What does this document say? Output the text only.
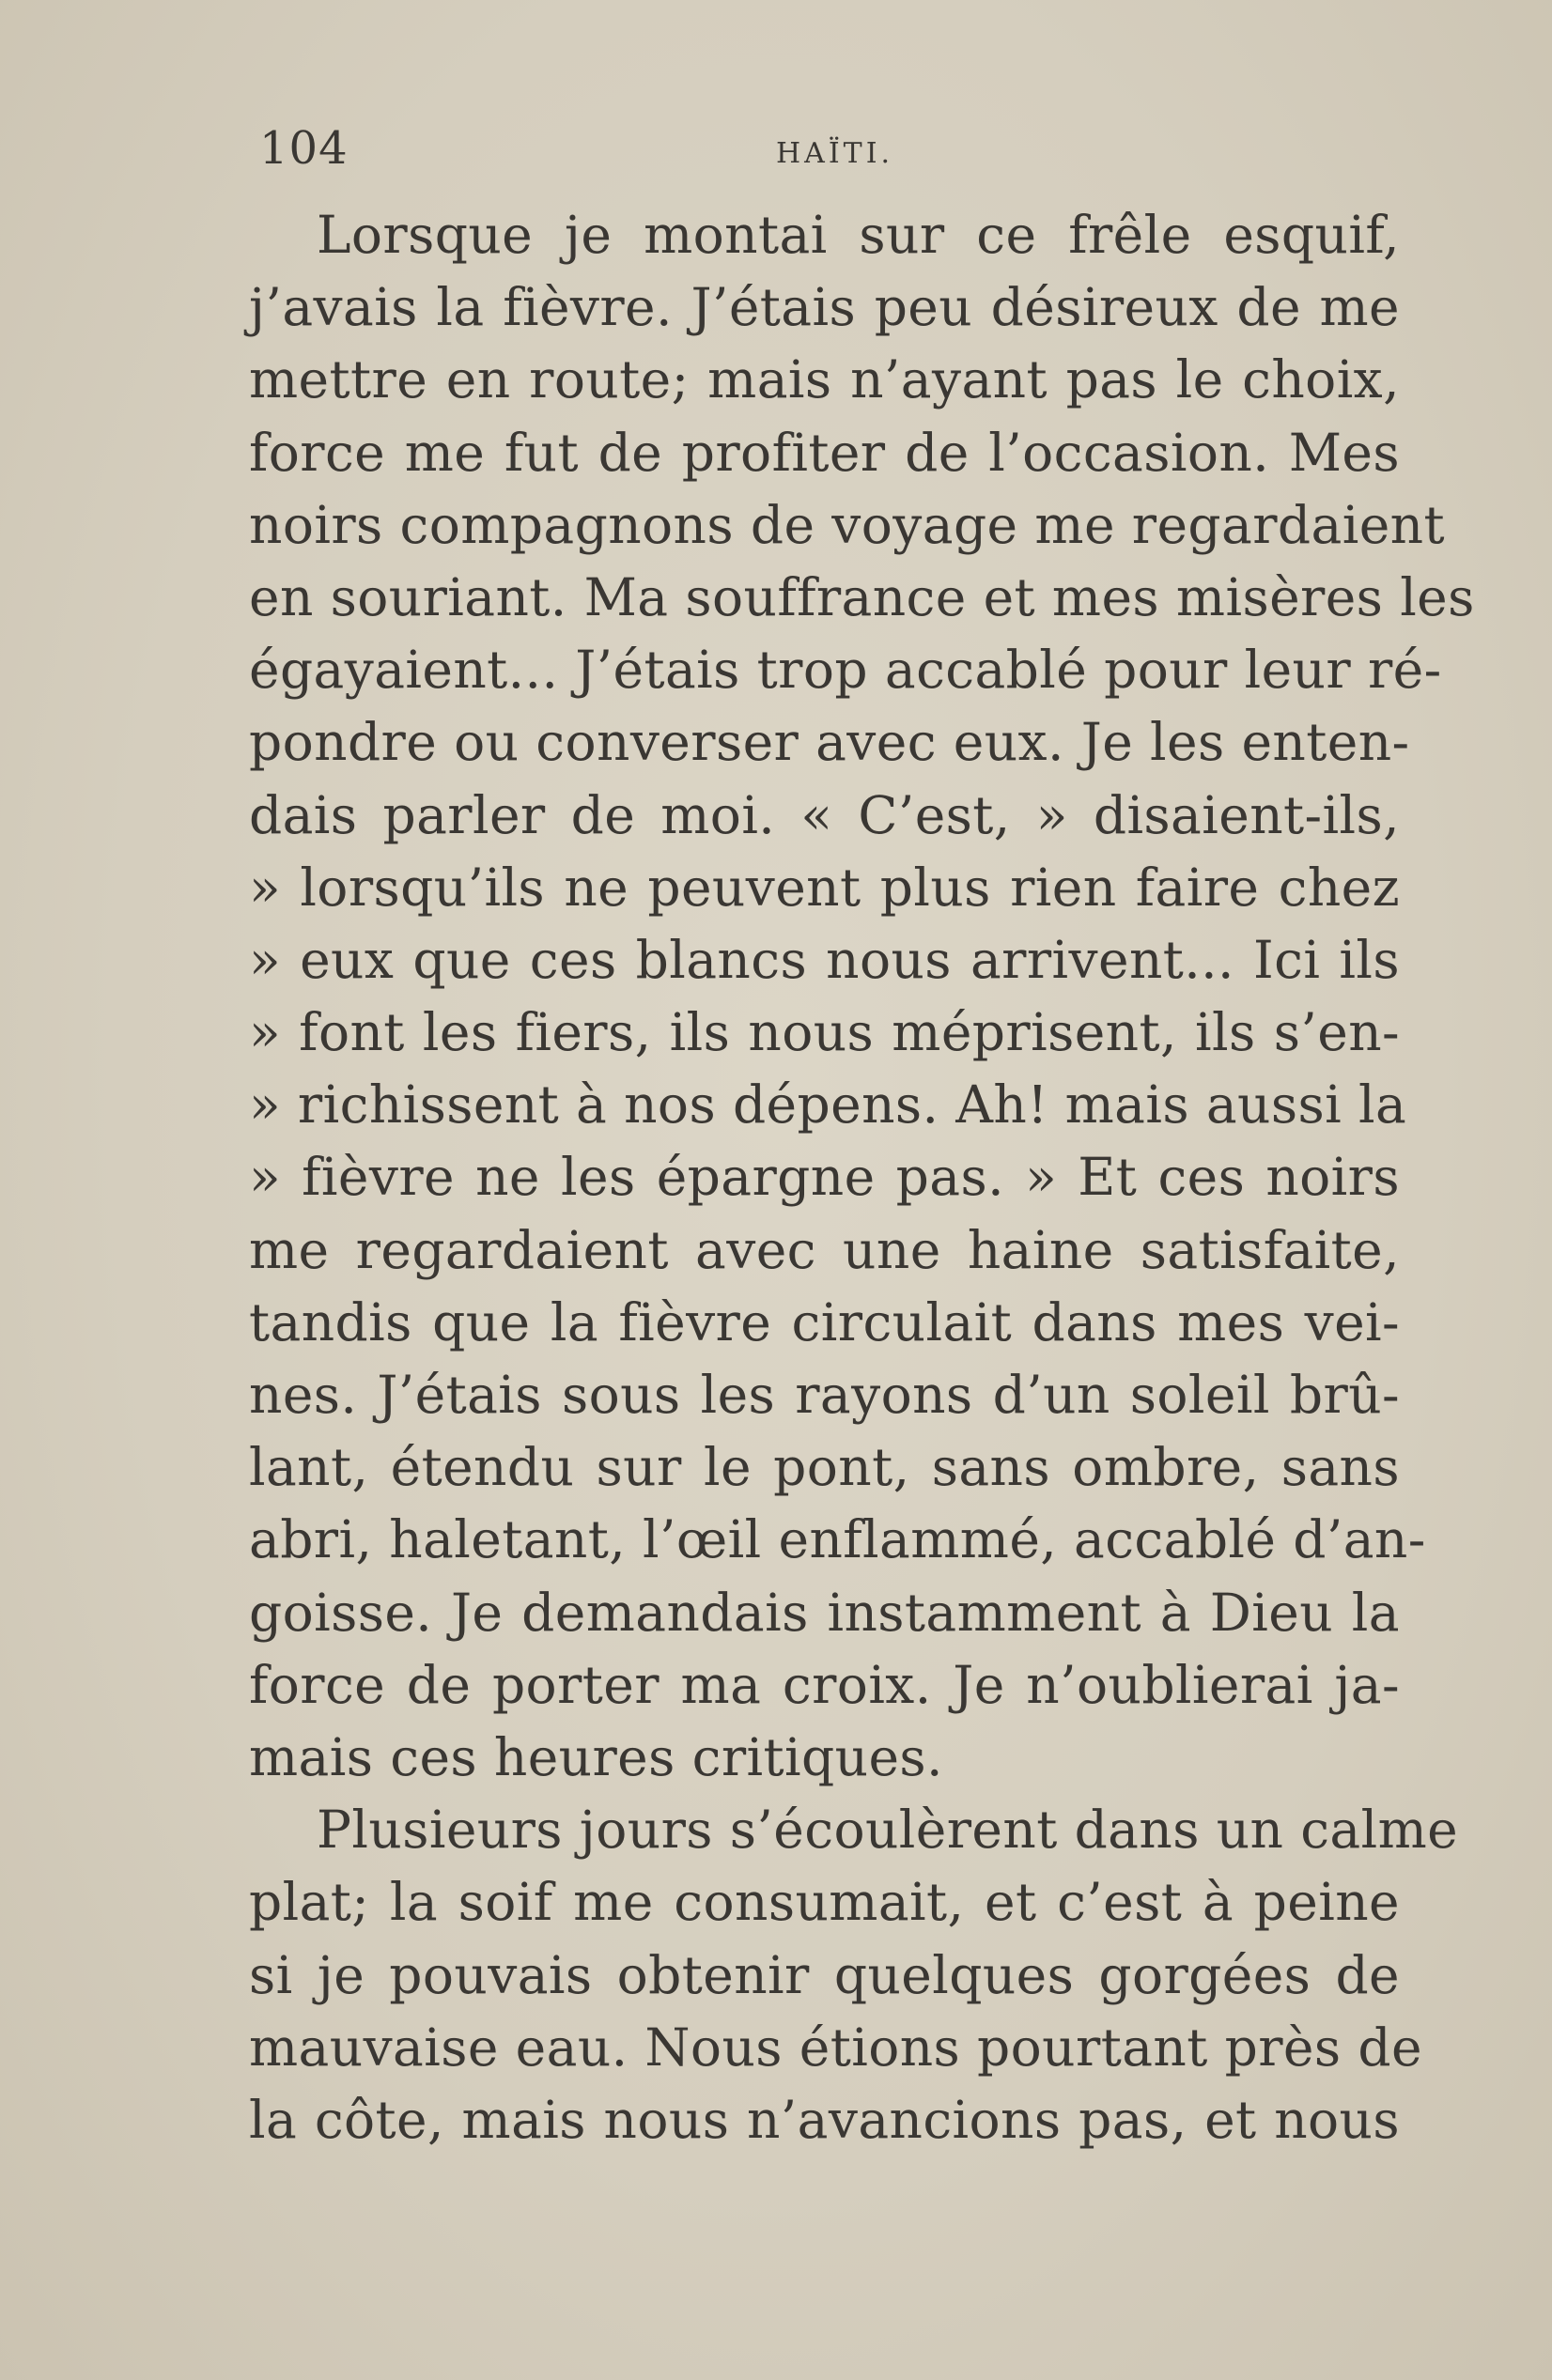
104	HAÏTI.
Lorsque je montai sur ce frêle esquif,
j’avais la fièvre. J’étais peu désireux de me
mettre en route; mais n’ayant pas le choix,
force me fut de profiter de l’occasion. Mes
noirs compagnons de voyage me regardaient
en souriant. Ma souffrance et mes misères les
égayaient... J’étais trop accablé pour leur ré-
pondre ou converser avec eux. Je les enten-
dais parler de moi. « C’est, » disaient-ils,
» lorsqu’ils ne peuvent plus rien faire chez
» eux que ces blancs nous arrivent... Ici ils
» font les fiers, ils nous méprisent, ils s’en-
» richissent à nos dépens. Ah! mais aussi la
» fièvre ne les épargne pas. » Et ces noirs
me regardaient avec une haine satisfaite,
tandis que la fièvre circulait dans mes vei-
nes. J’étais sous les rayons d’un soleil brû-
lant, étendu sur le pont, sans ombre, sans
abri, haletant, l’œil enflammé, accablé d’an-
goisse. Je demandais instamment à Dieu la
force de porter ma croix. Je n’oublierai ja-
mais ces heures critiques.
Plusieurs jours s’écoulèrent dans un calme
plat; la soif me consumait, et c’est à peine
si je pouvais obtenir quelques gorgées de
mauvaise eau. Nous étions pourtant près de
la côte, mais nous n’avancions pas, et nous
